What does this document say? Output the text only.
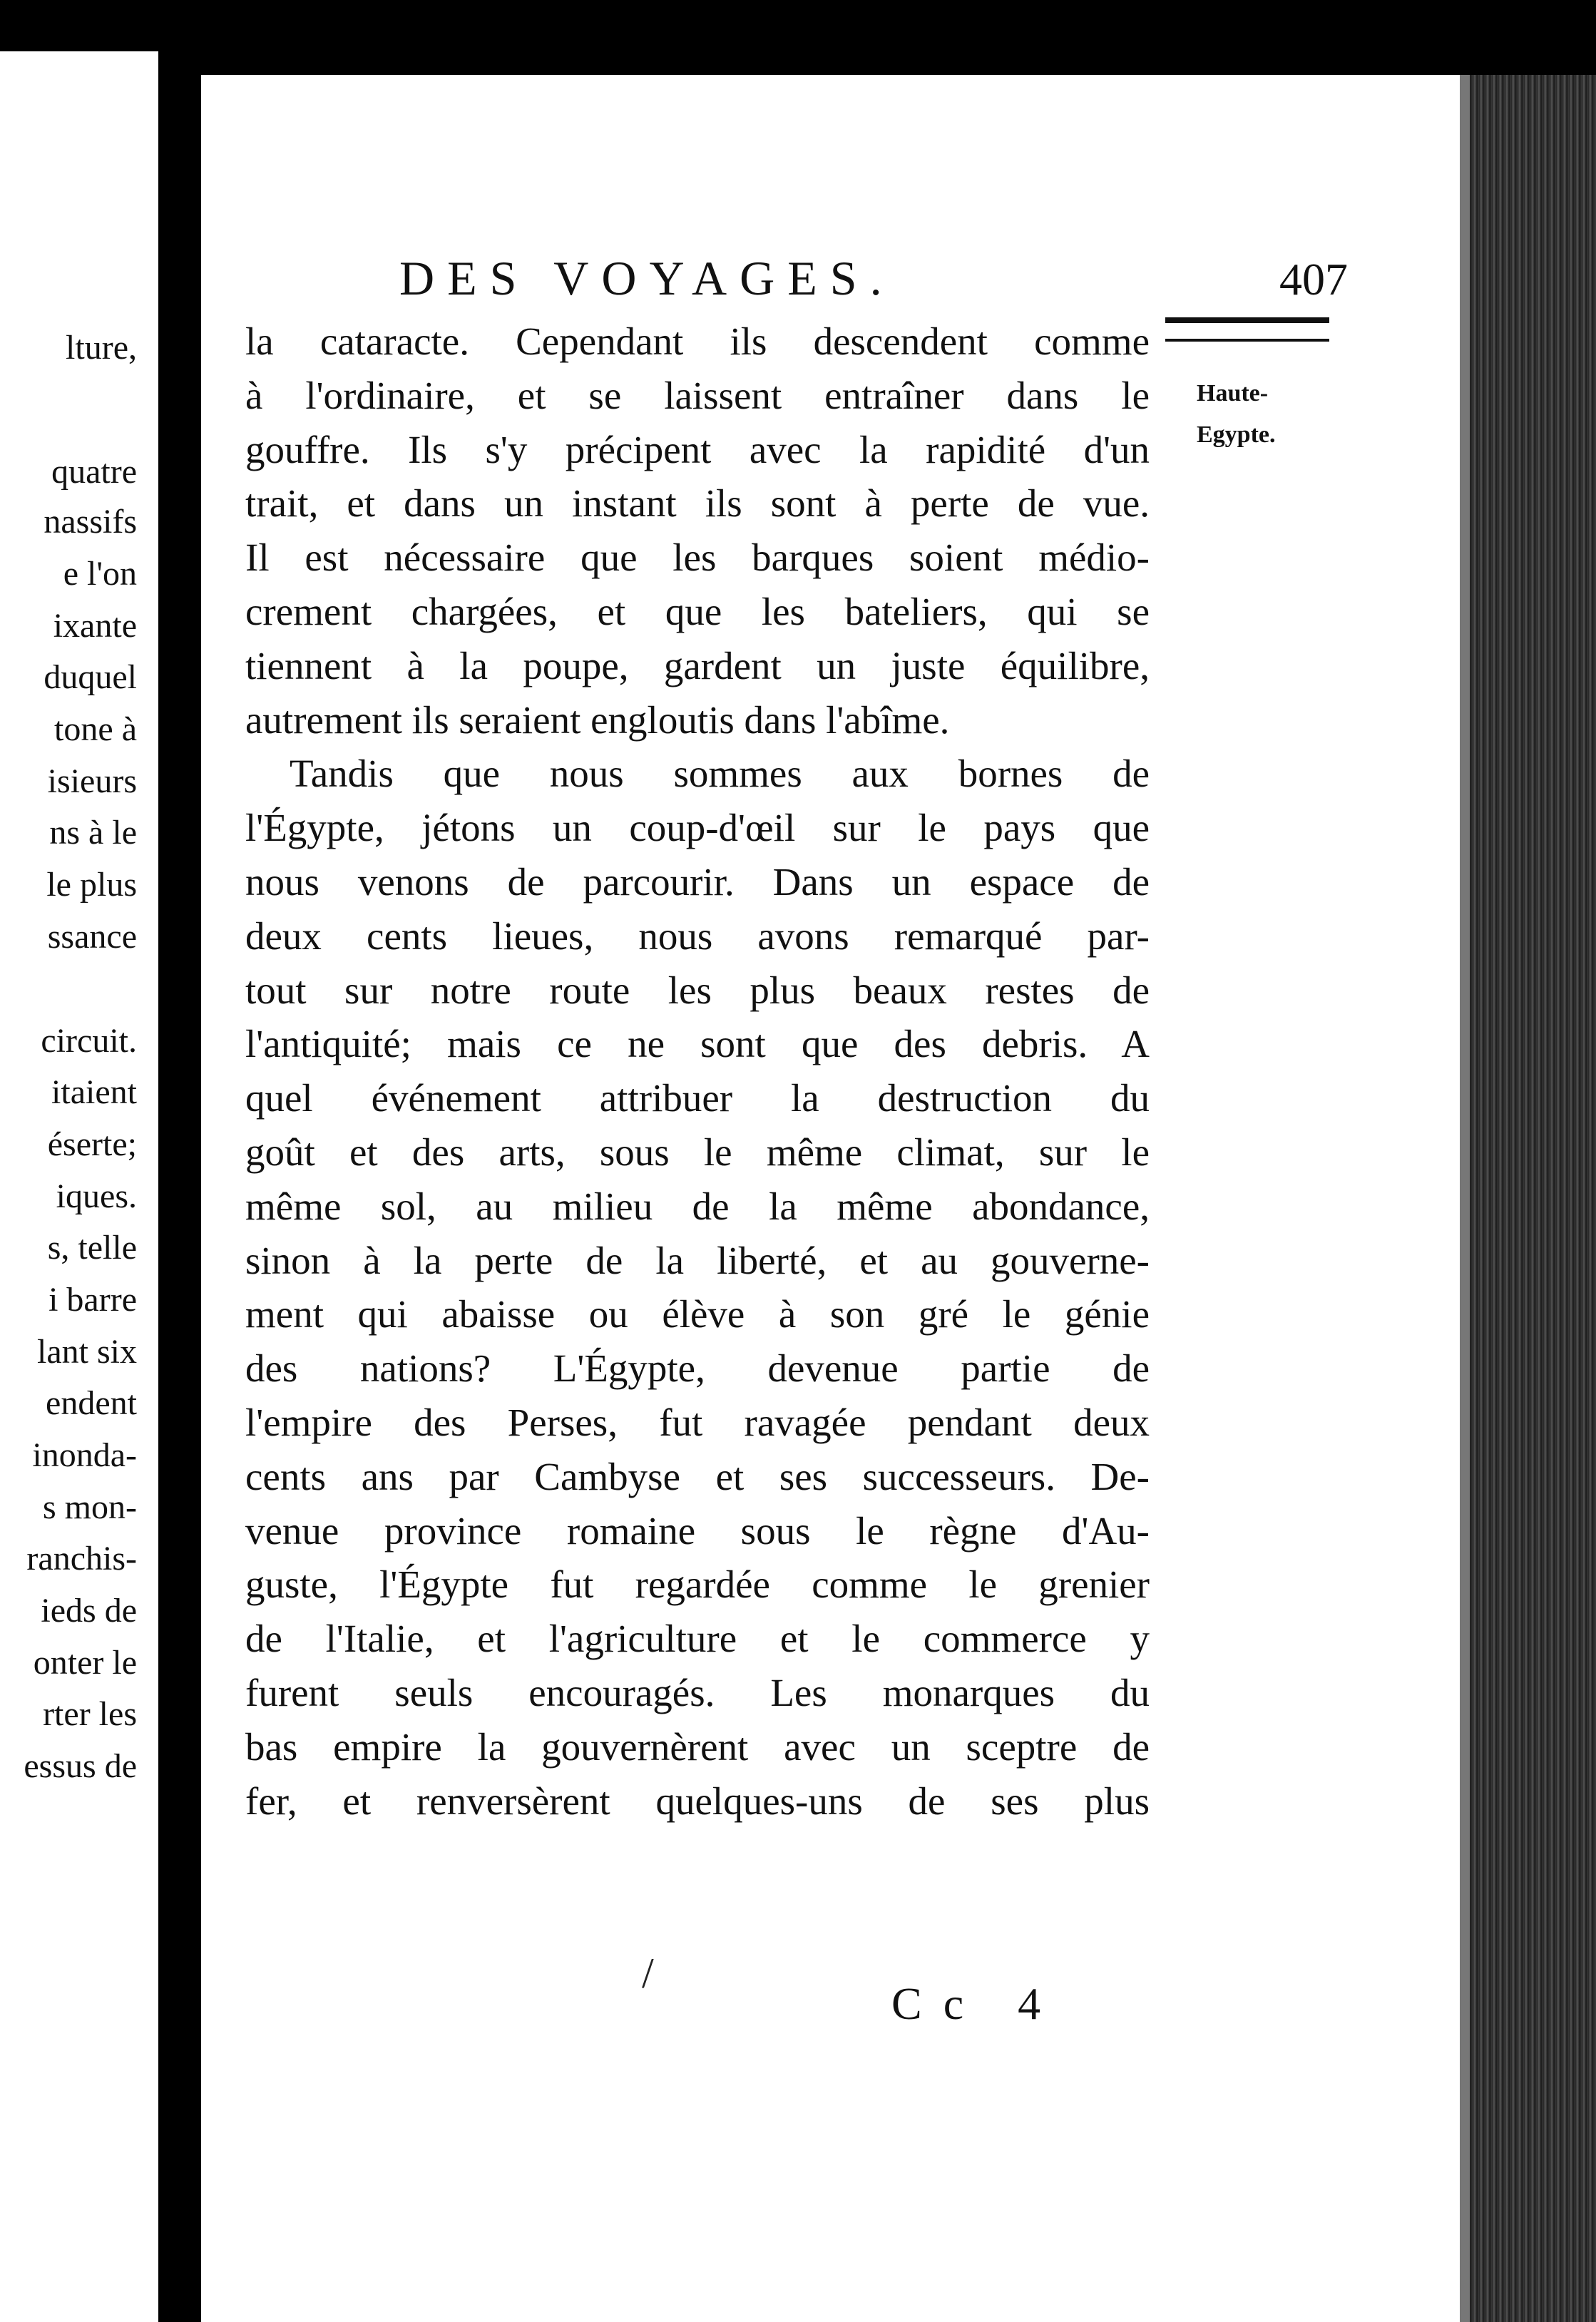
lture,
quatre
nassifs
e l'on
ixante
duquel
tone à
isieurs
ns à le
le plus
ssance
circuit.
itaient
éserte;
iques.
s, telle
i barre
lant six
endent
inonda-
s mon-
ranchis-
ieds de
onter le
rter les
essus de
DES VOYAGES.	407
Haute-
Egypte.
la cataracte. Cependant ils descendent comme
à l'ordinaire, et se laissent entraîner dans le
gouffre. Ils s'y précipent avec la rapidité d'un
trait, et dans un instant ils sont à perte de vue.
Il est nécessaire que les barques soient médio-
crement chargées, et que les bateliers, qui se
tiennent à la poupe, gardent un juste équilibre,
autrement ils seraient engloutis dans l'abîme.
Tandis que nous sommes aux bornes de
l'Égypte, jétons un coup-d'œil sur le pays que
nous venons de parcourir. Dans un espace de
deux cents lieues, nous avons remarqué par-
tout sur notre route les plus beaux restes de
l'antiquité; mais ce ne sont que des debris. A
quel événement attribuer la destruction du
goût et des arts, sous le même climat, sur le
même sol, au milieu de la même abondance,
sinon à la perte de la liberté, et au gouverne-
ment qui abaisse ou élève à son gré le génie
des nations? L'Égypte, devenue partie de
l'empire des Perses, fut ravagée pendant deux
cents ans par Cambyse et ses successeurs. De-
venue province romaine sous le règne d'Au-
guste, l'Égypte fut regardée comme le grenier
de l'Italie, et l'agriculture et le commerce y
furent seuls encouragés. Les monarques du
bas empire la gouvernèrent avec un sceptre de
fer, et renversèrent quelques-uns de ses plus
/
Cc 4
